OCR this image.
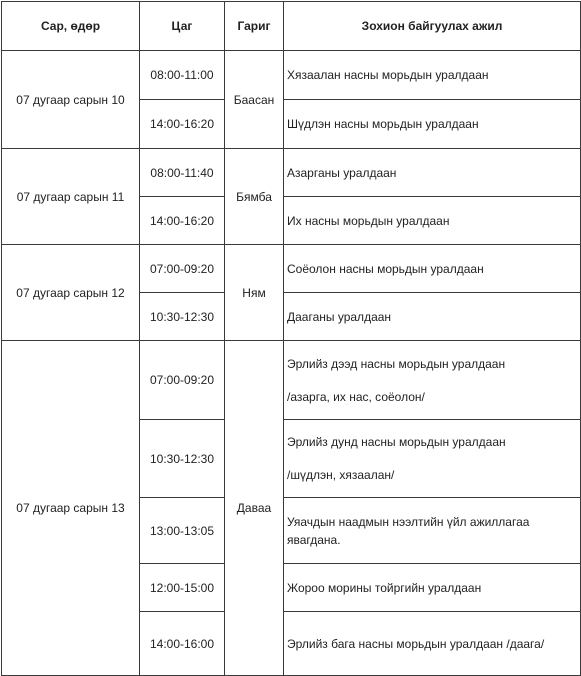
Сар, өдөр	Цаг	Гариг	Зохион байгуулах ажил
07 дугаар сарын 10	08:00-11:00	Баасан	Хязаалан насны морьдын уралдаан
	14:00-16:20		Шүдлэн насны морьдын уралдаан
07 дугаар сарын 11	08:00-11:40	Бямба	Азарганы уралдаан
	14:00-16:20		Их насны морьдын уралдаан
07 дугаар сарын 12	07:00-09:20	Ням	Соёолон насны морьдын уралдаан
	10:30-12:30		Дааганы уралдаан
07 дугаар сарын 13	07:00-09:20	Даваа	Эрлийз дээд насны морьдын уралдаан
/азарга, их нас, соёолон/

	10:30-12:30		Эрлийз дунд насны морьдын уралдаан
/шүдлэн, хязаалан/

	13:00-13:05		Уяачдын наадмын нээлтийн үйл ажиллагаа
явагдана.

	12:00-15:00		Жороо морины тойргийн уралдаан
	14:00-16:00		Эрлийз бага насны морьдын уралдаан /даага/
